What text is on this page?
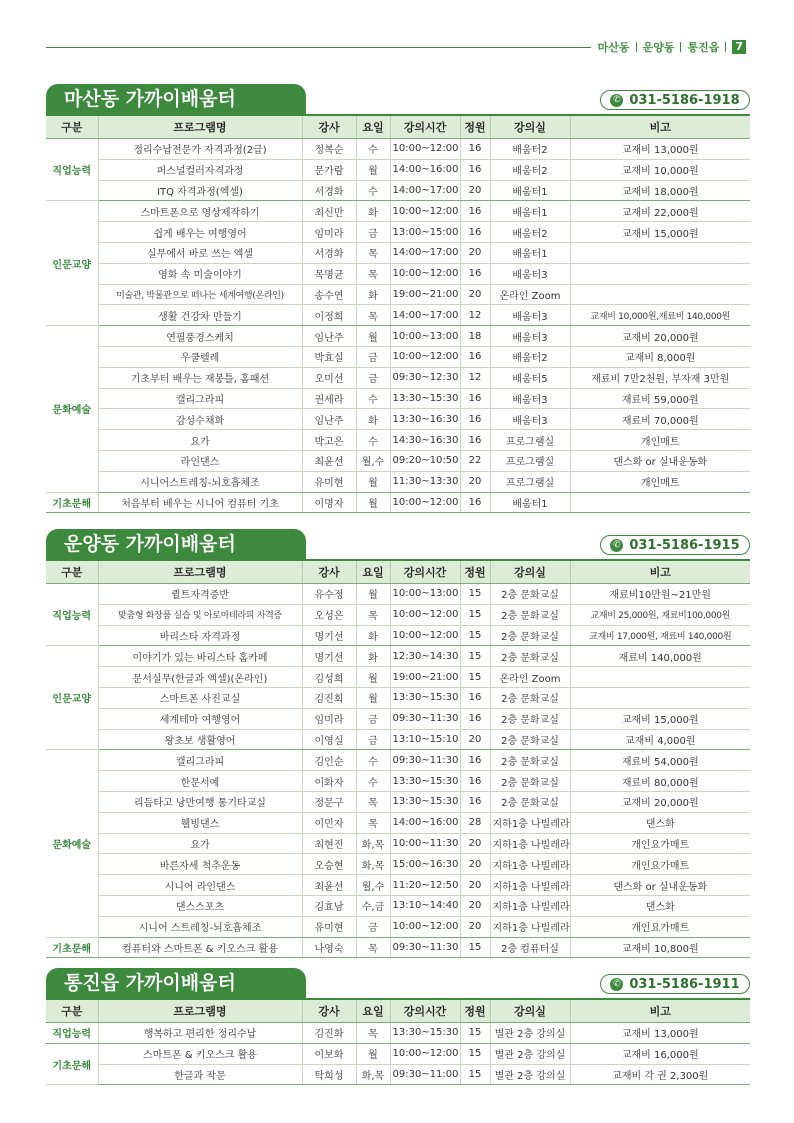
마산동 운양동 통진읍 7
마산동 가까이배움터	✆ 031-5186-1918
구분	프로그램명	강사	요일	강의시간	정원	강의실	비고
직업능력	정리수납전문가 자격과정(2급)	정복순	수	10:00~12:00	16	배움터2	교재비 13,000원
	퍼스널컬러자격과정	문가람	월	14:00~16:00	16	배움터2	교재비 10,000원
	ITQ 자격과정(엑셀)	서경화	수	14:00~17:00	20	배움터1	교재비 18,000원
인문교양	스마트폰으로 영상제작하기	최신만	화	10:00~12:00	16	배움터1	교재비 22,000원
	쉽게 배우는 여행영어	임미라	금	13:00~15:00	16	배움터2	교재비 15,000원
	실무에서 바로 쓰는 엑셀	서경화	목	14:00~17:00	20	배움터1	
	영화 속 미술이야기	목명균	목	10:00~12:00	16	배움터3	
	미술관, 박물관으로 떠나는 세계여행(온라인)	송수연	화	19:00~21:00	20	온라인 Zoom	
	생활 건강차 만들기	이정희	목	14:00~17:00	12	배움터3	교재비 10,000원,재료비 140,000원
문화예술	연필풍경스케치	임난주	월	10:00~13:00	18	배움터3	교재비 20,000원
	우쿨렐레	박효실	금	10:00~12:00	16	배움터2	교재비 8,000원
	기초부터 배우는 재봉틀, 홈패션	오미선	금	09:30~12:30	12	배움터5	재료비 7만2천원, 부자재 3만원
	캘리그라피	권세라	수	13:30~15:30	16	배움터3	재료비 59,000원
	감성수채화	임난주	화	13:30~16:30	16	배움터3	재료비 70,000원
	요가	박고은	수	14:30~16:30	16	프로그램실	개인매트
	라인댄스	최윤선	월,수	09:20~10:50	22	프로그램실	댄스화 or 실내운동화
	시니어스트레칭-뇌호흡체조	유미현	월	11:30~13:30	20	프로그램실	개인매트
기초문해	처음부터 배우는 시니어 컴퓨터 기초	이명자	월	10:00~12:00	16	배움터1	
운양동 가까이배움터	✆ 031-5186-1915
구분	프로그램명	강사	요일	강의시간	정원	강의실	비고
직업능력	퀼트자격증반	유수정	월	10:00~13:00	15	2층 문화교실	재료비10만원~21만원
	맞춤형 화장품 실습 및 아로마테라피 자격증	오성은	목	10:00~12:00	15	2층 문화교실	교재비 25,000원, 재료비100,000원
	바리스타 자격과정	명기선	화	10:00~12:00	15	2층 문화교실	교재비 17,000원, 재료비 140,000원
인문교양	이야기가 있는 바리스타 홈카페	명기선	화	12:30~14:30	15	2층 문화교실	재료비 140,000원
	문서실무(한글과 엑셀)(온라인)	김성희	월	19:00~21:00	15	온라인 Zoom	
	스마트폰 사진교실	김진희	월	13:30~15:30	16	2층 문화교실	
	세계테마 여행영어	임미라	금	09:30~11:30	16	2층 문화교실	교재비 15,000원
	왕초보 생활영어	이영실	금	13:10~15:10	20	2층 문화교실	교재비 4,000원
문화예술	캘리그라피	김인순	수	09:30~11:30	16	2층 문화교실	재료비 54,000원
	한문서예	이화자	수	13:30~15:30	16	2층 문화교실	재료비 80,000원
	리듬타고 낭만여행 통기타교실	정문구	목	13:30~15:30	16	2층 문화교실	교재비 20,000원
	웰빙댄스	이민자	목	14:00~16:00	28	지하1층 나빌레라	댄스화
	요가	최현진	화,목	10:00~11:30	20	지하1층 나빌레라	개인요가매트
	바른자세 척추운동	오승현	화,목	15:00~16:30	20	지하1층 나빌레라	개인요가매트
	시니어 라인댄스	최윤선	월,수	11:20~12:50	20	지하1층 나빌레라	댄스화 or 실내운동화
	댄스스포츠	김효남	수,금	13:10~14:40	20	지하1층 나빌레라	댄스화
	시니어 스트레칭-뇌호흡체조	유미현	금	10:00~12:00	20	지하1층 나빌레라	개인요가매트
기초문해	컴퓨터와 스마트폰 & 키오스크 활용	나영숙	목	09:30~11:30	15	2층 컴퓨터실	교재비 10,800원
통진읍 가까이배움터	✆ 031-5186-1911
구분	프로그램명	강사	요일	강의시간	정원	강의실	비고
직업능력	행복하고 편리한 정리수납	김진화	목	13:30~15:30	15	별관 2층 강의실	교재비 13,000원
기초문해	스마트폰 & 키오스크 활용	이보화	월	10:00~12:00	15	별관 2층 강의실	교재비 16,000원
	한글과 작문	탁희성	화,목	09:30~11:00	15	별관 2층 강의실	교재비 각 권 2,300원
